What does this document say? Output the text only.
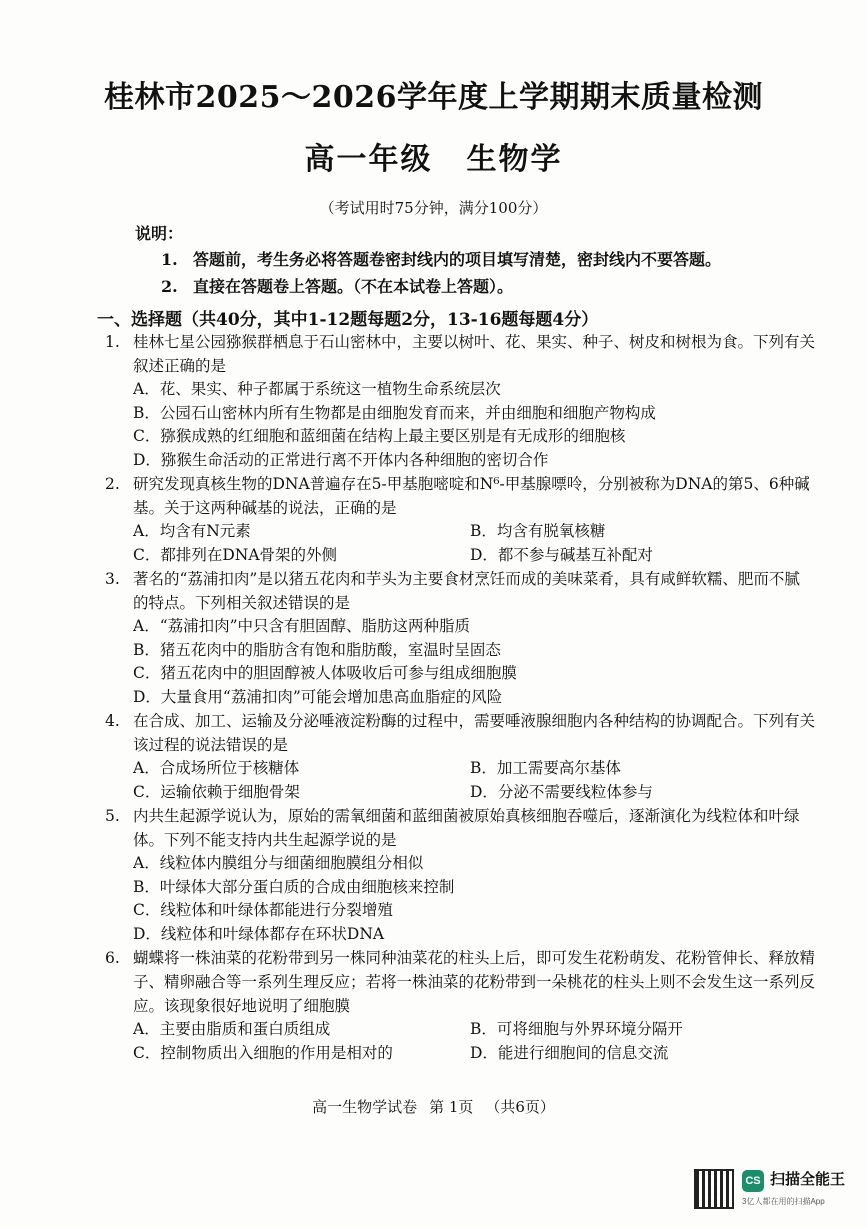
桂林市2025～2026学年度上学期期末质量检测
高一年级 生物学
（考试用时75分钟，满分100分）
说明：
1. 答题前，考生务必将答题卷密封线内的项目填写清楚，密封线内不要答题。
2. 直接在答题卷上答题。（不在本试卷上答题）。
一、选择题（共40分，其中1-12题每题2分，13-16题每题4分）
1. 桂林七星公园猕猴群栖息于石山密林中，主要以树叶、花、果实、种子、树皮和树根为食。下列有关叙述正确的是
A．花、果实、种子都属于系统这一植物生命系统层次
B．公园石山密林内所有生物都是由细胞发育而来，并由细胞和细胞产物构成
C．猕猴成熟的红细胞和蓝细菌在结构上最主要区别是有无成形的细胞核
D．猕猴生命活动的正常进行离不开体内各种细胞的密切合作
2. 研究发现真核生物的DNA普遍存在5-甲基胞嘧啶和N⁶-甲基腺嘌呤，分别被称为DNA的第5、6种碱基。关于这两种碱基的说法，正确的是
A．均含有N元素	B．均含有脱氧核糖
C．都排列在DNA骨架的外侧	D．都不参与碱基互补配对
3. 著名的“荔浦扣肉”是以猪五花肉和芋头为主要食材烹饪而成的美味菜肴，具有咸鲜软糯、肥而不腻的特点。下列相关叙述错误的是
A．“荔浦扣肉”中只含有胆固醇、脂肪这两种脂质
B．猪五花肉中的脂肪含有饱和脂肪酸，室温时呈固态
C．猪五花肉中的胆固醇被人体吸收后可参与组成细胞膜
D．大量食用“荔浦扣肉”可能会增加患高血脂症的风险
4. 在合成、加工、运输及分泌唾液淀粉酶的过程中，需要唾液腺细胞内各种结构的协调配合。下列有关该过程的说法错误的是
A．合成场所位于核糖体	B．加工需要高尔基体
C．运输依赖于细胞骨架	D．分泌不需要线粒体参与
5. 内共生起源学说认为，原始的需氧细菌和蓝细菌被原始真核细胞吞噬后，逐渐演化为线粒体和叶绿体。下列不能支持内共生起源学说的是
A．线粒体内膜组分与细菌细胞膜组分相似
B．叶绿体大部分蛋白质的合成由细胞核来控制
C．线粒体和叶绿体都能进行分裂增殖
D．线粒体和叶绿体都存在环状DNA
6. 蝴蝶将一株油菜的花粉带到另一株同种油菜花的柱头上后，即可发生花粉萌发、花粉管伸长、释放精子、精卵融合等一系列生理反应；若将一株油菜的花粉带到一朵桃花的柱头上则不会发生这一系列反应。该现象很好地说明了细胞膜
A．主要由脂质和蛋白质组成	B．可将细胞与外界环境分隔开
C．控制物质出入细胞的作用是相对的	D．能进行细胞间的信息交流
高一生物学试卷 第 1页 （共6页）
CS 扫描全能王
3亿人都在用的扫描App
